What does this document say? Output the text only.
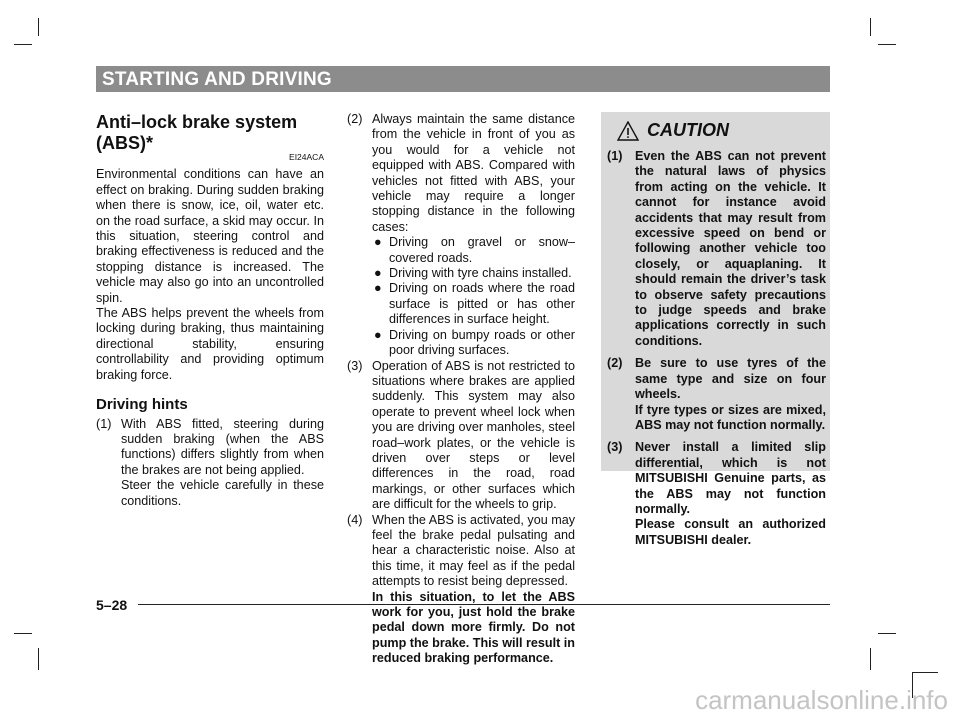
STARTING AND DRIVING
Anti–lock brake system (ABS)*
EI24ACA
Environmental conditions can have an effect on braking. During sudden braking when there is snow, ice, oil, water etc. on the road surface, a skid may occur. In this situation, steering control and braking effectiveness is reduced and the stopping distance is increased. The vehicle may also go into an uncontrolled spin.
The ABS helps prevent the wheels from locking during braking, thus maintaining directional stability, ensuring controllability and providing optimum braking force.
Driving hints
(1) With ABS fitted, steering during sudden braking (when the ABS functions) differs slightly from when the brakes are not being applied.
Steer the vehicle carefully in these conditions.
(2) Always maintain the same distance from the vehicle in front of you as you would for a vehicle not equipped with ABS. Compared with vehicles not fitted with ABS, your vehicle may require a longer stopping distance in the following cases:
● Driving on gravel or snow–covered roads.
● Driving with tyre chains installed.
● Driving on roads where the road surface is pitted or has other differences in surface height.
● Driving on bumpy roads or other poor driving surfaces.
(3) Operation of ABS is not restricted to situations where brakes are applied suddenly. This system may also operate to prevent wheel lock when you are driving over manholes, steel road–work plates, or the vehicle is driven over steps or level differences in the road, road markings, or other surfaces which are difficult for the wheels to grip.
(4) When the ABS is activated, you may feel the brake pedal pulsating and hear a characteristic noise. Also at this time, it may feel as if the pedal attempts to resist being depressed.
In this situation, to let the ABS work for you, just hold the brake pedal down more firmly. Do not pump the brake. This will result in reduced braking performance.
CAUTION
(1) Even the ABS can not prevent the natural laws of physics from acting on the vehicle. It cannot for instance avoid accidents that may result from excessive speed on bend or following another vehicle too closely, or aquaplaning. It should remain the driver’s task to observe safety precautions to judge speeds and brake applications correctly in such conditions.
(2) Be sure to use tyres of the same type and size on four wheels.
If tyre types or sizes are mixed, ABS may not function normally.
(3) Never install a limited slip differential, which is not MITSUBISHI Genuine parts, as the ABS may not function normally.
Please consult an authorized MITSUBISHI dealer.
5–28
carmanualsonline.info
